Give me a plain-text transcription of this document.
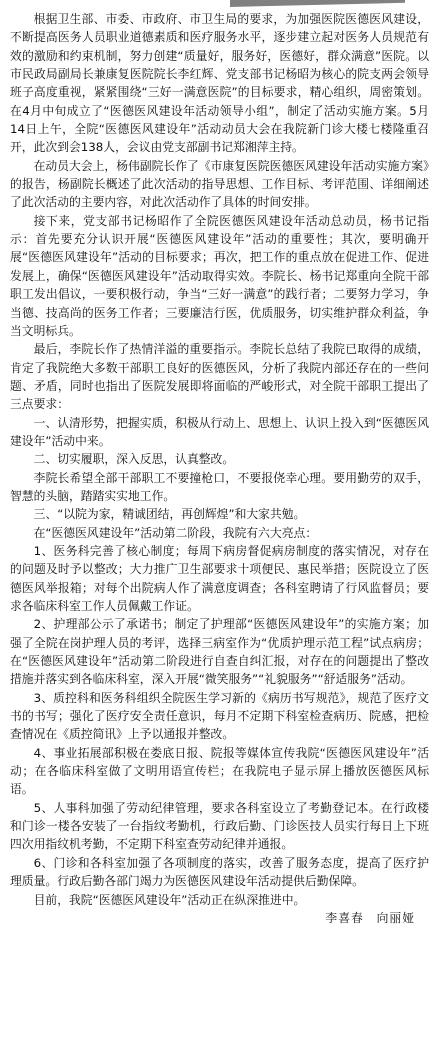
根据卫生部、市委、市政府、市卫生局的要求，为加强医院医德医风建设，不断提高医务人员职业道德素质和医疗服务水平，逐步建立起对医务人员规范有效的激励和约束机制，努力创建“质量好，服务好，医德好，群众满意”医院。以市民政局副局长兼康复医院院长李红辉、党支部书记杨昭为核心的院支两会领导班子高度重视，紧紧围绕“三好一满意医院”的目标要求，精心组织，周密策划。在4月中旬成立了“医德医风建设年活动领导小组”，制定了活动实施方案。5月14日上午，全院“医德医风建设年”活动动员大会在我院新门诊大楼七楼隆重召开，此次到会138人，会议由党支部副书记郑湘萍主持。

在动员大会上，杨伟副院长作了《市康复医院医德医风建设年活动实施方案》的报告，杨副院长概述了此次活动的指导思想、工作目标、考评范围、详细阐述了此次活动的主要内容，对此次活动作了具体的时间安排。

接下来，党支部书记杨昭作了全院医德医风建设年活动总动员，杨书记指示：首先要充分认识开展“医德医风建设年”活动的重要性；其次，要明确开展“医德医风建设年”活动的目标要求；再次，把工作的重点放在促进工作、促进发展上，确保“医德医风建设年”活动取得实效。李院长、杨书记郑重向全院干部职工发出倡议，一要积极行动，争当“三好一满意”的践行者；二要努力学习，争当德、技高尚的医务工作者；三要廉洁行医，优质服务，切实维护群众利益，争当文明标兵。

最后，李院长作了热情洋溢的重要指示。李院长总结了我院已取得的成绩，肯定了我院绝大多数干部职工良好的医德医风，分析了我院内部还存在的一些问题、矛盾，同时也指出了医院发展即将面临的严峻形式，对全院干部职工提出了三点要求：

一、认清形势，把握实质，积极从行动上、思想上、认识上投入到“医德医风建设年”活动中来。

二、切实履职，深入反思，认真整改。

李院长希望全部干部职工不要撞枪口，不要报侥幸心理。要用勤劳的双手，智慧的头脑，踏踏实实地工作。

三、“以院为家，精诚团结，再创辉煌”和大家共勉。

在“医德医风建设年”活动第二阶段，我院有六大亮点：

1、医务科完善了核心制度；每周下病房督促病房制度的落实情况，对存在的问题及时予以整改；大力推广卫生部要求十项便民、惠民举措；医院设立了医德医风举报箱；对每个出院病人作了满意度调查；各科室聘请了行风监督员；要求各临床科室工作人员佩戴工作证。

2、护理部公示了承诺书；制定了护理部“医德医风建设年”的实施方案；加强了全院在岗护理人员的考评，选择三病室作为“优质护理示范工程”试点病房；在“医德医风建设年”活动第二阶段进行自查自纠汇报，对存在的问题提出了整改措施并落实到各临床科室，深入开展“微笑服务”“礼貌服务”“舒适服务”活动。

3、质控科和医务科组织全院医生学习新的《病历书写规范》，规范了医疗文书的书写；强化了医疗安全责任意识，每月不定期下科室检查病历、院感，把检查情况在《质控简讯》上予以通报并整改。

4、事业拓展部积极在娄底日报、院报等媒体宣传我院“医德医风建设年”活动；在各临床科室做了文明用语宣传栏；在我院电子显示屏上播放医德医风标语。

5、人事科加强了劳动纪律管理，要求各科室设立了考勤登记本。在行政楼和门诊一楼各安装了一台指纹考勤机，行政后勤、门诊医技人员实行每日上下班四次用指纹机考勤，不定期下科室查劳动纪律并通报。

6、门诊和各科室加强了各项制度的落实，改善了服务态度，提高了医疗护理质量。行政后勤各部门竭力为医德医风建设年活动提供后勤保障。

目前，我院“医德医风建设年”活动正在纵深推进中。

李喜春　向丽娅
